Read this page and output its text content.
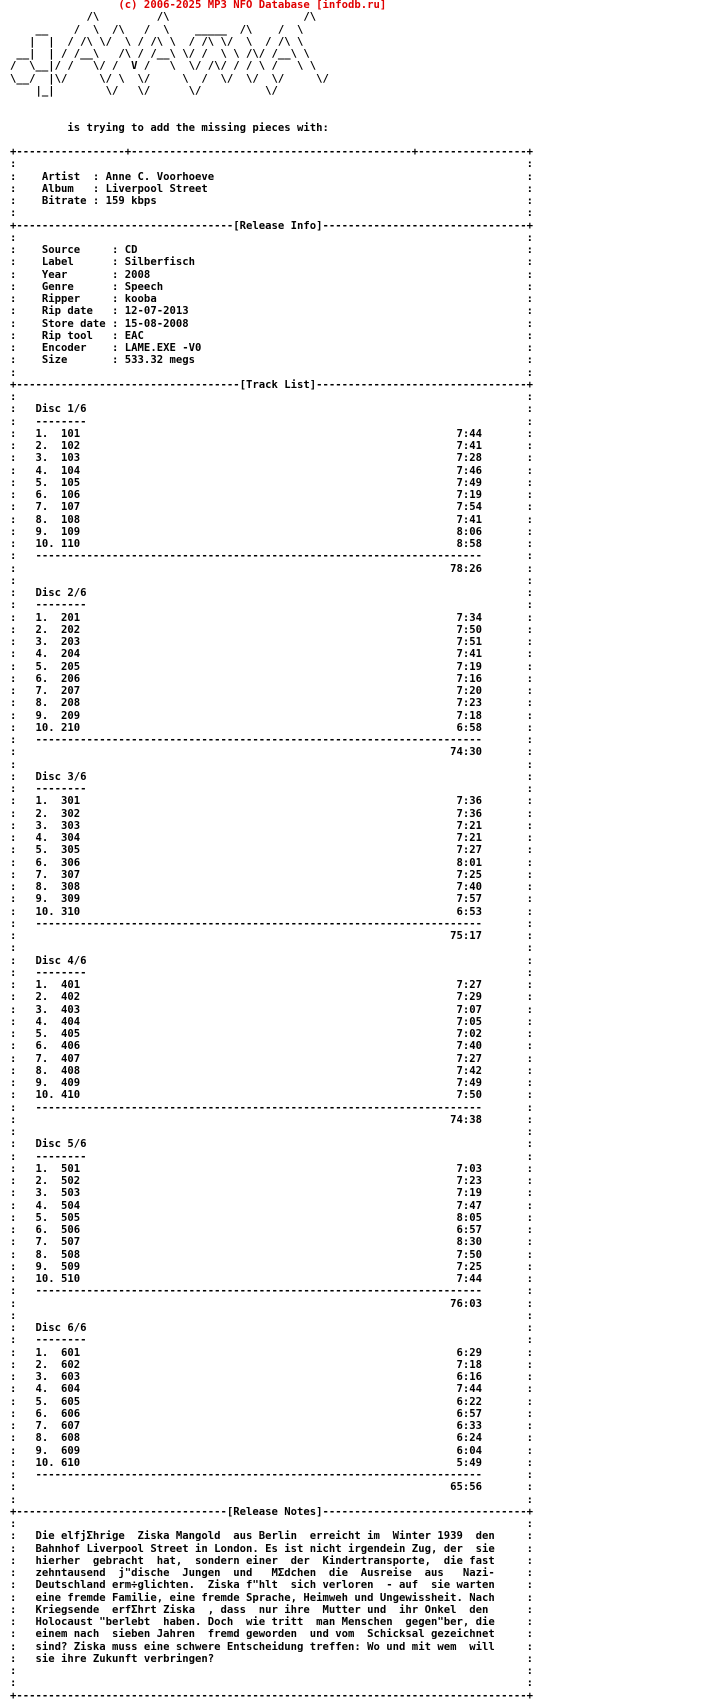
(c) 2006-2025 MP3 NFO Database [infodb.ru]
/\         /\                     /\
__    /  \  /\   /  \    _____  /\    /  \
|  |  / /\ \/  \ / /\ \  / /\ \/  \  / /\ \
__|  | / /__\   /\ / /__\ \/ /  \ \ /\/ /__\ \
/  \__|/ /   \/ /  V /   \  \/ /\/ / / \ /   \ \
\__/  |\/     \/ \  \/     \  /  \/  \/  \/     \/
|_|        \/   \/      \/          \/

is trying to add the missing pieces with:

+-----------------+--------------------------------------------+-----------------+
:                                                                                :
:    Artist  : Anne C. Voorhoeve                                                 :
:    Album   : Liverpool Street                                                  :
:    Bitrate : 159 kbps                                                          :
:                                                                                :
+----------------------------------[Release Info]--------------------------------+
:                                                                                :
:    Source     : CD                                                             :
:    Label      : Silberfisch                                                    :
:    Year       : 2008                                                           :
:    Genre      : Speech                                                         :
:    Ripper     : kooba                                                          :
:    Rip date   : 12-07-2013                                                     :
:    Store date : 15-08-2008                                                     :
:    Rip tool   : EAC                                                            :
:    Encoder    : LAME.EXE -V0                                                   :
:    Size       : 533.32 megs                                                    :
:                                                                                :
+-----------------------------------[Track List]---------------------------------+
:                                                                                :
:   Disc 1/6                                                                     :
:   --------                                                                     :
:   1.  101                                                           7:44       :
:   2.  102                                                           7:41       :
:   3.  103                                                           7:28       :
:   4.  104                                                           7:46       :
:   5.  105                                                           7:49       :
:   6.  106                                                           7:19       :
:   7.  107                                                           7:54       :
:   8.  108                                                           7:41       :
:   9.  109                                                           8:06       :
:   10. 110                                                           8:58       :
:   ----------------------------------------------------------------------       :
:                                                                    78:26       :
:                                                                                :
:   Disc 2/6                                                                     :
:   --------                                                                     :
:   1.  201                                                           7:34       :
:   2.  202                                                           7:50       :
:   3.  203                                                           7:51       :
:   4.  204                                                           7:41       :
:   5.  205                                                           7:19       :
:   6.  206                                                           7:16       :
:   7.  207                                                           7:20       :
:   8.  208                                                           7:23       :
:   9.  209                                                           7:18       :
:   10. 210                                                           6:58       :
:   ----------------------------------------------------------------------       :
:                                                                    74:30       :
:                                                                                :
:   Disc 3/6                                                                     :
:   --------                                                                     :
:   1.  301                                                           7:36       :
:   2.  302                                                           7:36       :
:   3.  303                                                           7:21       :
:   4.  304                                                           7:21       :
:   5.  305                                                           7:27       :
:   6.  306                                                           8:01       :
:   7.  307                                                           7:25       :
:   8.  308                                                           7:40       :
:   9.  309                                                           7:57       :
:   10. 310                                                           6:53       :
:   ----------------------------------------------------------------------       :
:                                                                    75:17       :
:                                                                                :
:   Disc 4/6                                                                     :
:   --------                                                                     :
:   1.  401                                                           7:27       :
:   2.  402                                                           7:29       :
:   3.  403                                                           7:07       :
:   4.  404                                                           7:05       :
:   5.  405                                                           7:02       :
:   6.  406                                                           7:40       :
:   7.  407                                                           7:27       :
:   8.  408                                                           7:42       :
:   9.  409                                                           7:49       :
:   10. 410                                                           7:50       :
:   ----------------------------------------------------------------------       :
:                                                                    74:38       :
:                                                                                :
:   Disc 5/6                                                                     :
:   --------                                                                     :
:   1.  501                                                           7:03       :
:   2.  502                                                           7:23       :
:   3.  503                                                           7:19       :
:   4.  504                                                           7:47       :
:   5.  505                                                           8:05       :
:   6.  506                                                           6:57       :
:   7.  507                                                           8:30       :
:   8.  508                                                           7:50       :
:   9.  509                                                           7:25       :
:   10. 510                                                           7:44       :
:   ----------------------------------------------------------------------       :
:                                                                    76:03       :
:                                                                                :
:   Disc 6/6                                                                     :
:   --------                                                                     :
:   1.  601                                                           6:29       :
:   2.  602                                                           7:18       :
:   3.  603                                                           6:16       :
:   4.  604                                                           7:44       :
:   5.  605                                                           6:22       :
:   6.  606                                                           6:57       :
:   7.  607                                                           6:33       :
:   8.  608                                                           6:24       :
:   9.  609                                                           6:04       :
:   10. 610                                                           5:49       :
:   ----------------------------------------------------------------------       :
:                                                                    65:56       :
:                                                                                :
+---------------------------------[Release Notes]--------------------------------+
:                                                                                :
:   Die elfjΣhrige  Ziska Mangold  aus Berlin  erreicht im  Winter 1939  den     :
:   Bahnhof Liverpool Street in London. Es ist nicht irgendein Zug, der  sie     :
:   hierher  gebracht  hat,  sondern einer  der  Kindertransporte,  die fast     :
:   zehntausend  j"dische  Jungen  und   MΣdchen  die  Ausreise  aus   Nazi-     :
:   Deutschland erm÷glichten.  Ziska f"hlt  sich verloren  - auf  sie warten     :
:   eine fremde Familie, eine fremde Sprache, Heimweh und Ungewissheit. Nach     :
:   Kriegsende  erfΣhrt Ziska  , dass  nur ihre  Mutter und  ihr Onkel  den      :
:   Holocaust "berlebt  haben. Doch  wie tritt  man Menschen  gegen"ber, die     :
:   einem nach  sieben Jahren  fremd geworden  und vom  Schicksal gezeichnet     :
:   sind? Ziska muss eine schwere Entscheidung treffen: Wo und mit wem  will     :
:   sie ihre Zukunft verbringen?                                                 :
:                                                                                :
:                                                                                :
+--------------------------------------------------------------------------------+
